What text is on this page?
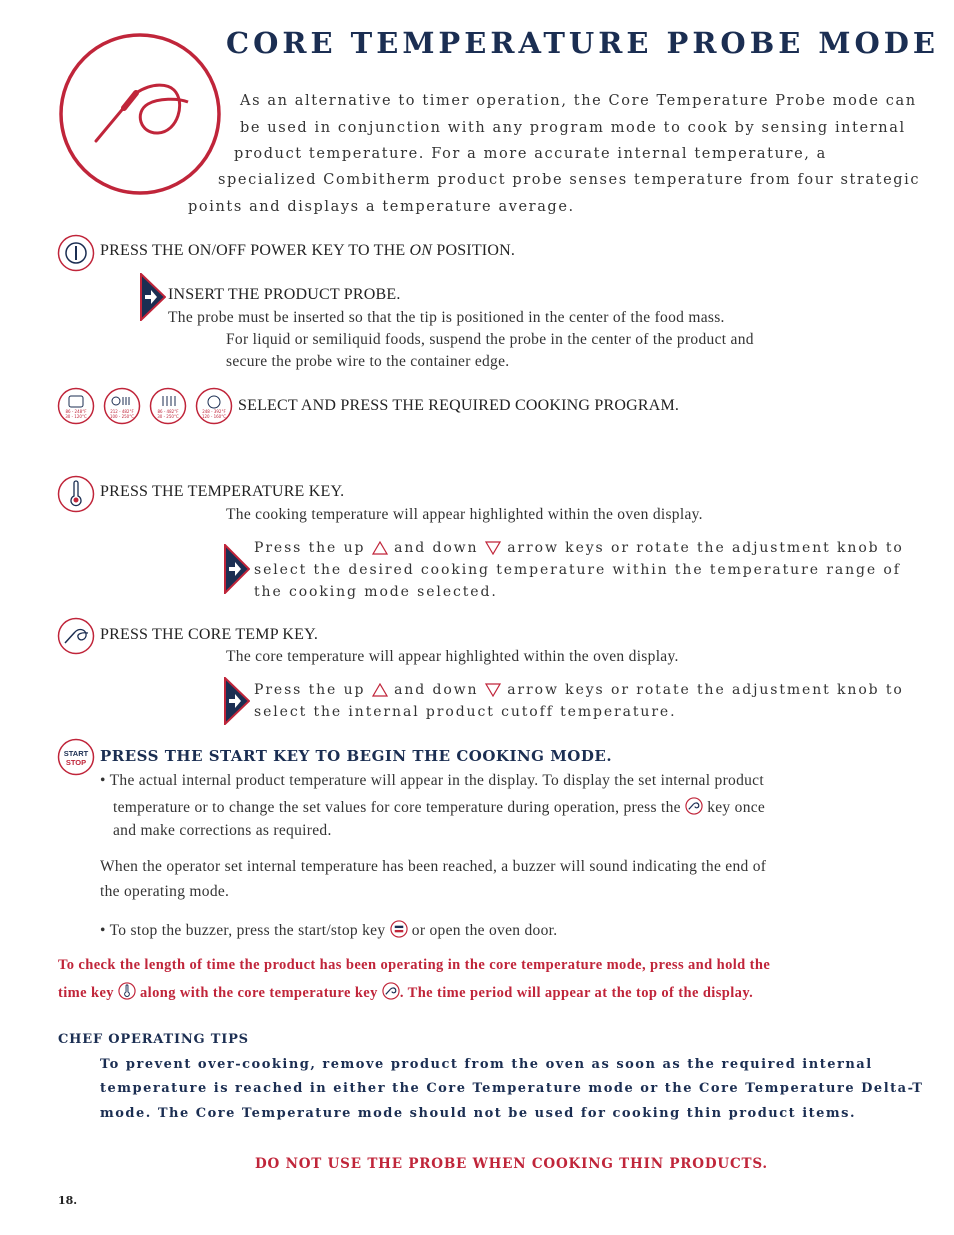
CORE TEMPERATURE PROBE MODE
As an alternative to timer operation, the Core Temperature Probe mode can
be used in conjunction with any program mode to cook by sensing internal
product temperature. For a more accurate internal temperature, a
specialized Combitherm product probe senses temperature from four strategic
points and displays a temperature average.
PRESS THE ON/OFF POWER KEY TO THE ON POSITION.
INSERT THE PRODUCT PROBE.
The probe must be inserted so that the tip is positioned in the center of the food mass.
For liquid or semiliquid foods, suspend the probe in the center of the product and
secure the probe wire to the container edge.
86 - 248°F
30 - 120°C
212 - 482°F
100 - 250°C
86 - 482°F
30 - 250°C
248 - 392°F
120 - 160°C
SELECT AND PRESS THE REQUIRED COOKING PROGRAM.
PRESS THE TEMPERATURE KEY.
The cooking temperature will appear highlighted within the oven display.
Press the up and down arrow keys or rotate the adjustment knob to
select the desired cooking temperature within the temperature range of
the cooking mode selected.
PRESS THE CORE TEMP KEY.
The core temperature will appear highlighted within the oven display.
Press the up and down arrow keys or rotate the adjustment knob to
select the internal product cutoff temperature.
START
STOP PRESS THE START KEY TO BEGIN THE COOKING MODE.
• The actual internal product temperature will appear in the display. To display the set internal product
temperature or to change the set values for core temperature during operation, press the key once
and make corrections as required.
When the operator set internal temperature has been reached, a buzzer will sound indicating the end of
the operating mode.
• To stop the buzzer, press the start/stop key or open the oven door.
To check the length of time the product has been operating in the core temperature mode, press and hold the
time key along with the core temperature key . The time period will appear at the top of the display.
CHEF OPERATING TIPS
To prevent over-cooking, remove product from the oven as soon as the required internal
temperature is reached in either the Core Temperature mode or the Core Temperature Delta-T
mode. The Core Temperature mode should not be used for cooking thin product items.
DO NOT USE THE PROBE WHEN COOKING THIN PRODUCTS.
18.
